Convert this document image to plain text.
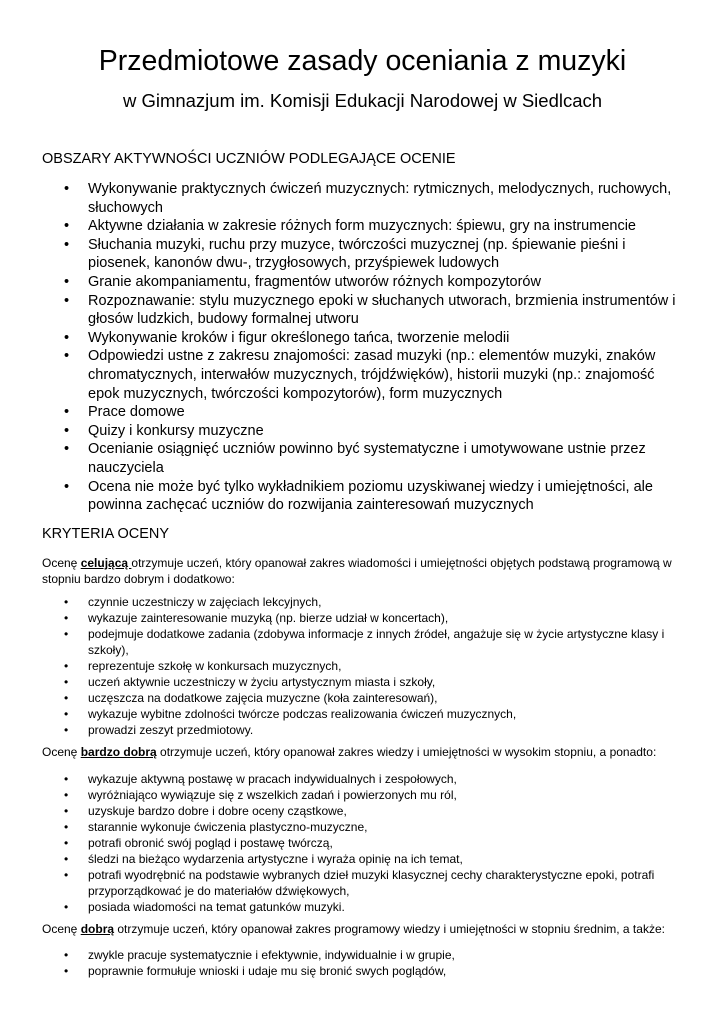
Przedmiotowe zasady oceniania z muzyki
w Gimnazjum im. Komisji Edukacji Narodowej w Siedlcach
OBSZARY AKTYWNOŚCI UCZNIÓW PODLEGAJĄCE OCENIE
• Wykonywanie praktycznych ćwiczeń muzycznych: rytmicznych, melodycznych, ruchowych, słuchowych
• Aktywne działania w zakresie różnych form muzycznych: śpiewu, gry na instrumencie
• Słuchania muzyki, ruchu przy muzyce, twórczości muzycznej (np. śpiewanie pieśni i piosenek, kanonów dwu-, trzygłosowych, przyśpiewek ludowych
• Granie akompaniamentu, fragmentów utworów różnych kompozytorów
• Rozpoznawanie: stylu muzycznego epoki w słuchanych utworach, brzmienia instrumentów i głosów ludzkich, budowy formalnej utworu
• Wykonywanie kroków i figur określonego tańca, tworzenie melodii
• Odpowiedzi ustne z zakresu znajomości: zasad muzyki (np.: elementów muzyki, znaków chromatycznych, interwałów muzycznych, trójdźwięków), historii muzyki (np.: znajomość epok muzycznych, twórczości kompozytorów), form muzycznych
• Prace domowe
• Quizy i konkursy muzyczne
• Ocenianie osiągnięć uczniów powinno być systematyczne i umotywowane ustnie przez nauczyciela
• Ocena nie może być tylko wykładnikiem poziomu uzyskiwanej wiedzy i umiejętności, ale powinna zachęcać uczniów do rozwijania zainteresowań muzycznych
KRYTERIA OCENY
Ocenę celującą otrzymuje uczeń, który opanował zakres wiadomości i umiejętności objętych podstawą programową w stopniu bardzo dobrym i dodatkowo:
• czynnie uczestniczy w zajęciach lekcyjnych,
• wykazuje zainteresowanie muzyką (np. bierze udział w koncertach),
• podejmuje dodatkowe zadania (zdobywa informacje z innych źródeł, angażuje się w życie artystyczne klasy i szkoły),
• reprezentuje szkołę w konkursach muzycznych,
• uczeń aktywnie uczestniczy w życiu artystycznym miasta i szkoły,
• uczęszcza na dodatkowe zajęcia muzyczne (koła zainteresowań),
• wykazuje wybitne zdolności twórcze podczas realizowania ćwiczeń muzycznych,
• prowadzi zeszyt przedmiotowy.
Ocenę bardzo dobrą otrzymuje uczeń, który opanował zakres wiedzy i umiejętności w wysokim stopniu, a ponadto:
• wykazuje aktywną postawę w pracach indywidualnych i zespołowych,
• wyróżniająco wywiązuje się z wszelkich zadań i powierzonych mu ról,
• uzyskuje bardzo dobre i dobre oceny cząstkowe,
• starannie wykonuje ćwiczenia plastyczno-muzyczne,
• potrafi obronić swój pogląd i postawę twórczą,
• śledzi na bieżąco wydarzenia artystyczne i wyraża opinię na ich temat,
• potrafi wyodrębnić na podstawie wybranych dzieł muzyki klasycznej cechy charakterystyczne epoki, potrafi przyporządkować je do materiałów dźwiękowych,
• posiada wiadomości na temat gatunków muzyki.
Ocenę dobrą otrzymuje uczeń, który opanował zakres programowy wiedzy i umiejętności w stopniu średnim, a także:
• zwykle pracuje systematycznie i efektywnie, indywidualnie i w grupie,
• poprawnie formułuje wnioski i udaje mu się bronić swych poglądów,
